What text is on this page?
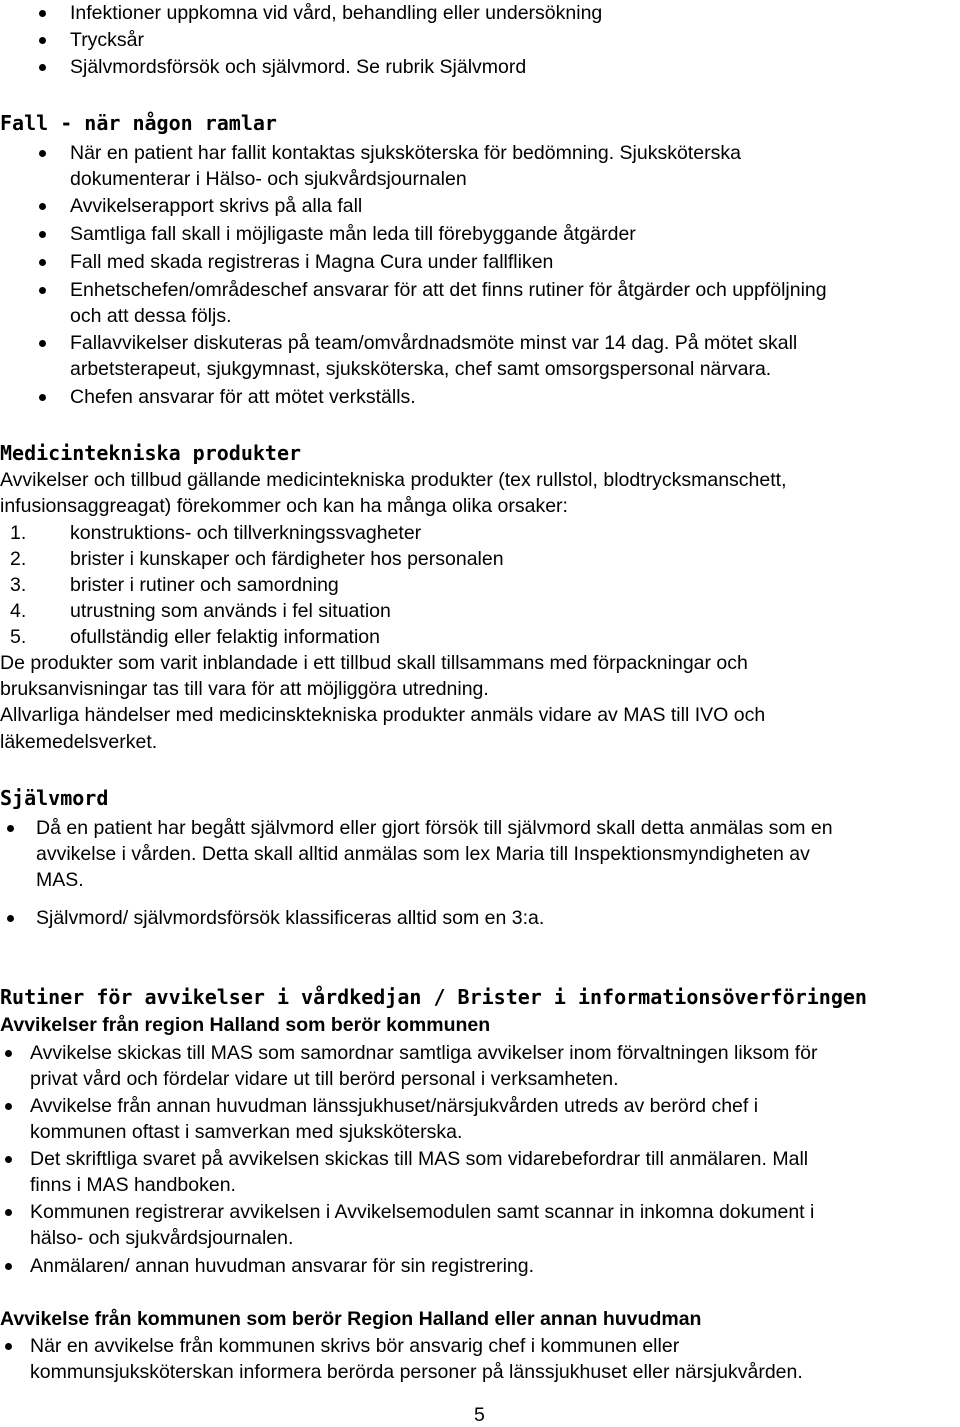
Infektioner uppkomna vid vård, behandling eller undersökning
Trycksår
Självmordsförsök och självmord. Se rubrik Självmord
Fall - när någon ramlar
När en patient har fallit kontaktas sjuksköterska för bedömning. Sjuksköterska
dokumenterar i Hälso- och sjukvårdsjournalen
Avvikelserapport skrivs på alla fall
Samtliga fall skall i möjligaste mån leda till förebyggande åtgärder
Fall med skada registreras i Magna Cura under fallfliken
Enhetschefen/områdeschef ansvarar för att det finns rutiner för åtgärder och uppföljning
och att dessa följs.
Fallavvikelser diskuteras på team/omvårdnadsmöte minst var 14 dag. På mötet skall
arbetsterapeut, sjukgymnast, sjuksköterska, chef samt omsorgspersonal närvara.
Chefen ansvarar för att mötet verkställs.
Medicintekniska produkter
Avvikelser och tillbud gällande medicintekniska produkter (tex rullstol, blodtrycksmanschett,
infusionsaggreagat) förekommer och kan ha många olika orsaker:
1. konstruktions- och tillverkningssvagheter
2. brister i kunskaper och färdigheter hos personalen
3. brister i rutiner och samordning
4. utrustning som används i fel situation
5. ofullständig eller felaktig information
De produkter som varit inblandade i ett tillbud skall tillsammans med förpackningar och
bruksanvisningar tas till vara för att möjliggöra utredning.
Allvarliga händelser med medicinsktekniska produkter anmäls vidare av MAS till IVO och
läkemedelsverket.
Självmord
Då en patient har begått självmord eller gjort försök till självmord skall detta anmälas som en
avvikelse i vården. Detta skall alltid anmälas som lex Maria till Inspektionsmyndigheten av
MAS.
Självmord/ självmordsförsök klassificeras alltid som en 3:a.
Rutiner för avvikelser i vårdkedjan / Brister i informationsöverföringen
Avvikelser från region Halland som berör kommunen
Avvikelse skickas till MAS som samordnar samtliga avvikelser inom förvaltningen liksom för
privat vård och fördelar vidare ut till berörd personal i verksamheten.
Avvikelse från annan huvudman länssjukhuset/närsjukvården utreds av berörd chef i
kommunen oftast i samverkan med sjuksköterska.
Det skriftliga svaret på avvikelsen skickas till MAS som vidarebefordrar till anmälaren. Mall
finns i MAS handboken.
Kommunen registrerar avvikelsen i Avvikelsemodulen samt scannar in inkomna dokument i
hälso- och sjukvårdsjournalen.
Anmälaren/ annan huvudman ansvarar för sin registrering.
Avvikelse från kommunen som berör Region Halland eller annan huvudman
När en avvikelse från kommunen skrivs bör ansvarig chef i kommunen eller
kommunsjuksköterskan informera berörda personer på länssjukhuset eller närsjukvården.
5
